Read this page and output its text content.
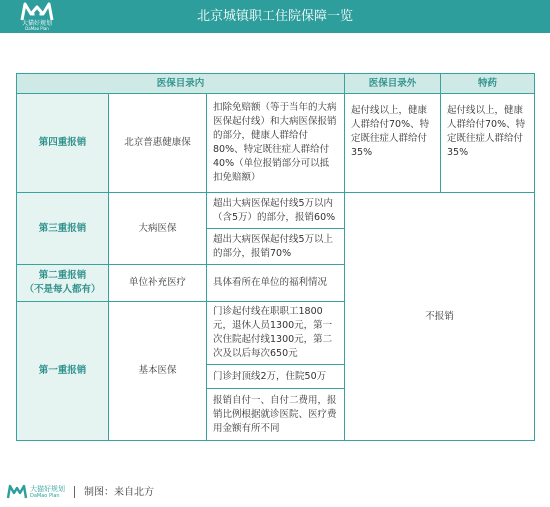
大猫好规划
DaMao Plan
北京城镇职工住院保障一览
医保目录内			医保目录外	特药
第四重报销	北京普惠健康保	扣除免赔额（等于当年的大病医保起付线）和大病医保报销的部分，健康人群给付80%、特定既往症人群给付40%（单位报销部分可以抵扣免赔额）	起付线以上，健康人群给付70%、特定既往症人群给付35%	起付线以上，健康人群给付70%、特定既往症人群给付35%
第三重报销	大病医保	超出大病医保起付线5万以内（含5万）的部分，报销60%	不报销	
		超出大病医保起付线5万以上的部分，报销70%		

第二重报销
（不是每人都有）	单位补充医疗	具体看所在单位的福利情况		
第一重报销	基本医保	门诊起付线在职职工1800元，退休人员1300元，第一次住院起付线1300元，第二次及以后每次650元		
		门诊封顶线2万，住院50万		
		报销自付一、自付二费用，报销比例根据就诊医院、医疗费用金额有所不同		
大猫好规划
DaMao Plan 制图：来自北方
